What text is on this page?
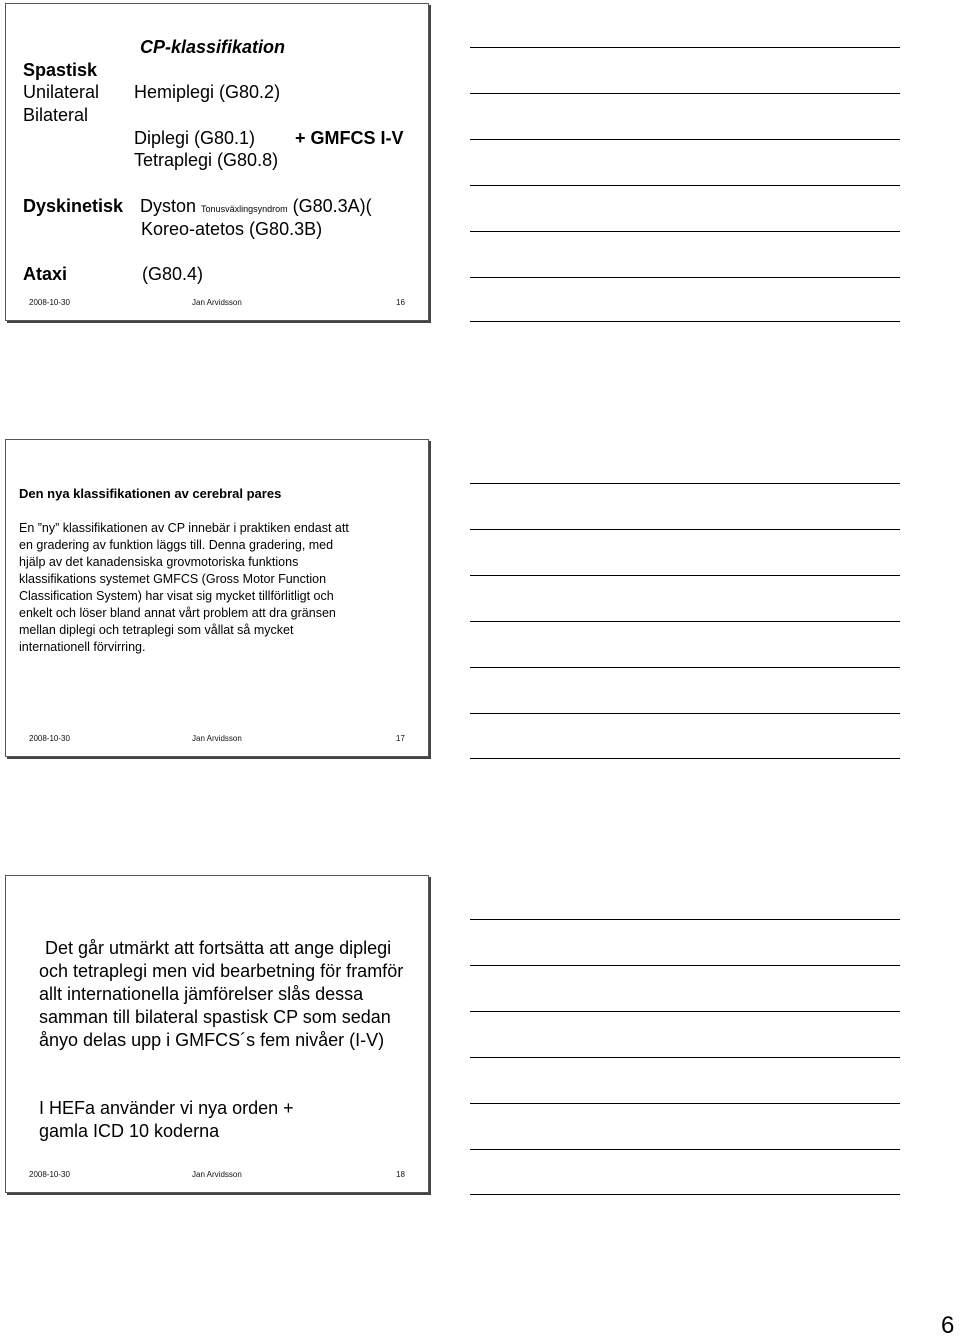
CP-klassifikation
Spastisk
Unilateral Hemiplegi (G80.2)
Bilateral
Diplegi (G80.1) + GMFCS I-V
Tetraplegi (G80.8)
Dyskinetisk Dyston Tonusväxlingsyndrom (G80.3A)(
Koreo-atetos (G80.3B)
Ataxi	(G80.4)
2008-10-30	Jan Arvidsson	16
Den nya klassifikationen av cerebral pares

En ”ny” klassifikationen av CP innebär i praktiken endast att en gradering av funktion läggs till. Denna gradering, med hjälp av det kanadensiska grovmotoriska funktions klassifikations systemet GMFCS (Gross Motor Function Classification System) har visat sig mycket tillförlitligt och enkelt och löser bland annat vårt problem att dra gränsen mellan diplegi och tetraplegi som vållat så mycket internationell förvirring.

2008-10-30	Jan Arvidsson	17

Det går utmärkt att fortsätta att ange diplegi och tetraplegi men vid bearbetning för framför allt internationella jämförelser slås dessa samman till bilateral spastisk CP som sedan ånyo delas upp i GMFCS´s fem nivåer (I-V)

I HEFa använder vi nya orden + gamla ICD 10 koderna

2008-10-30	Jan Arvidsson	18
6
